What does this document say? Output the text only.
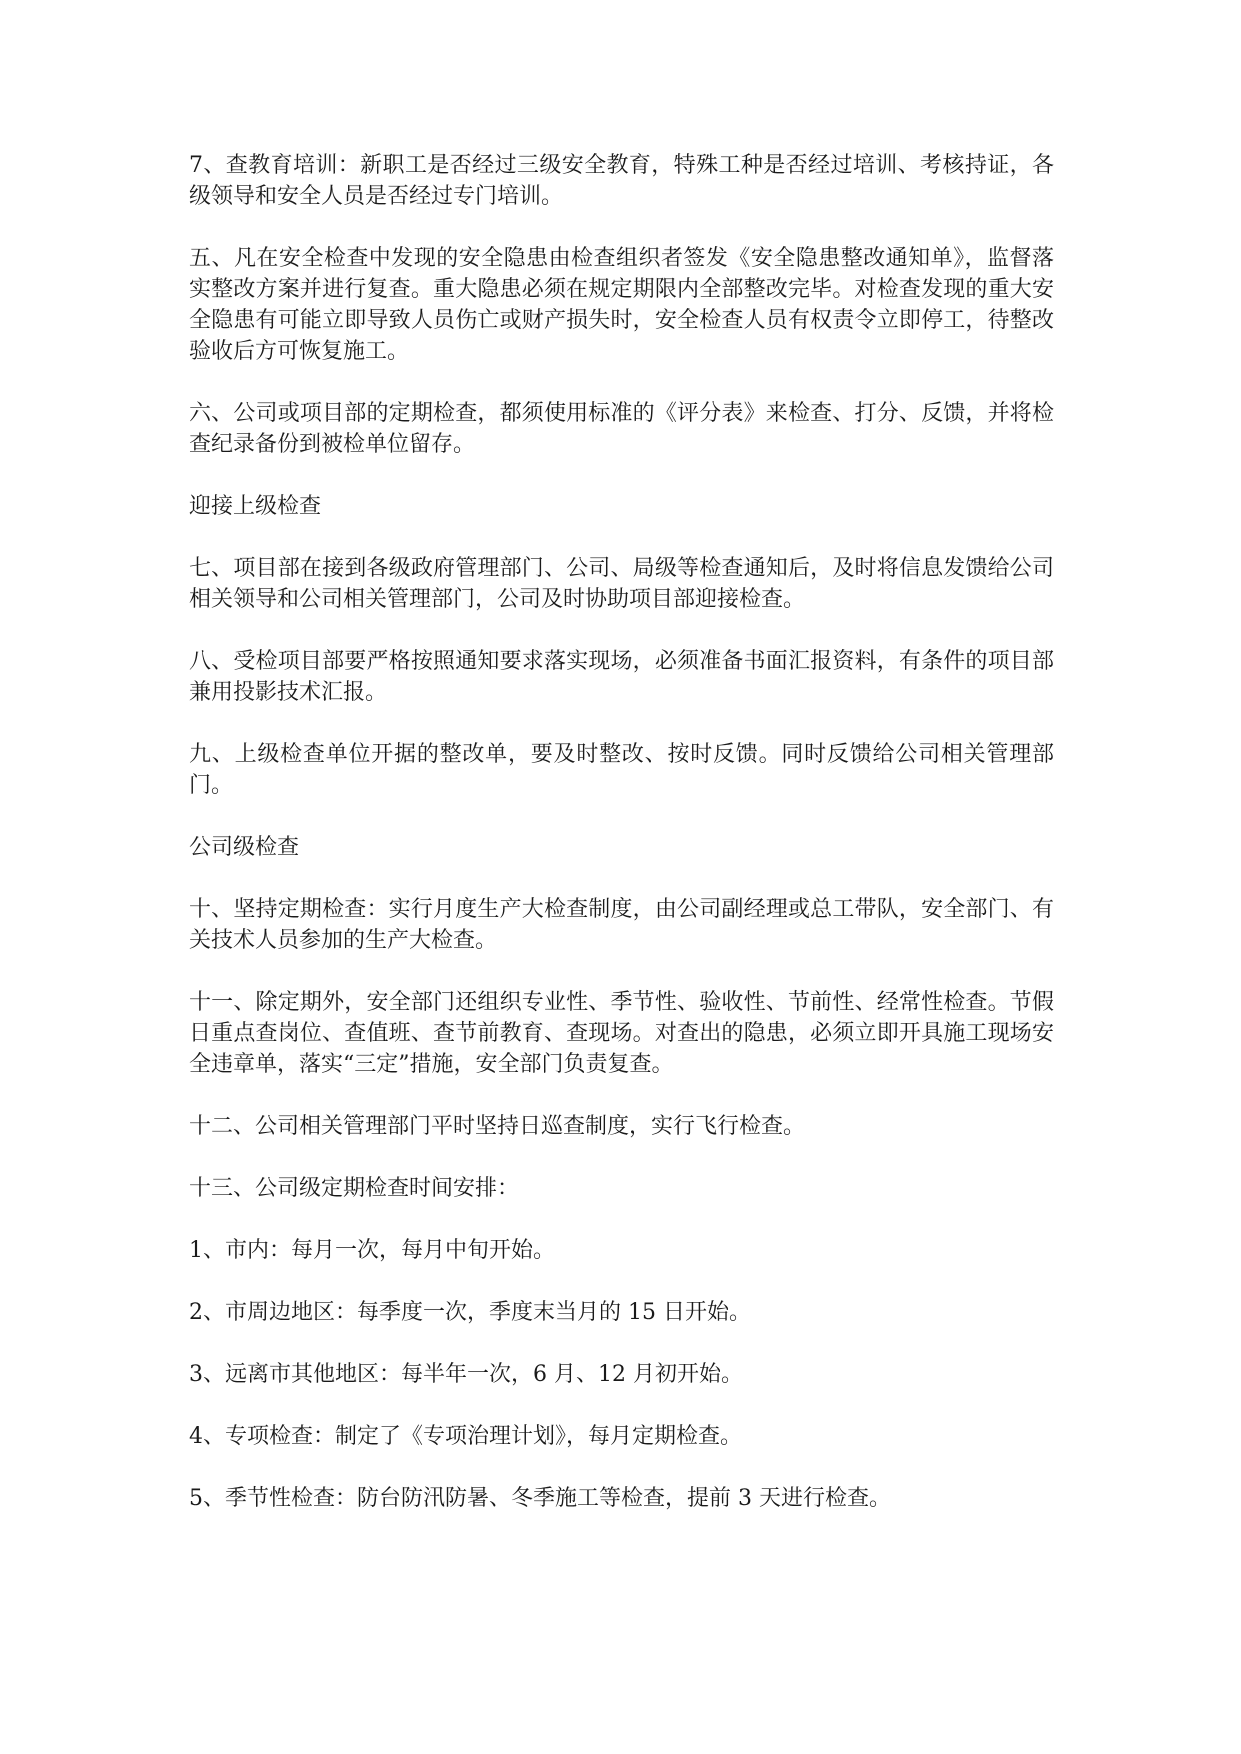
7、查教育培训：新职工是否经过三级安全教育，特殊工种是否经过培训、考核持证，各级领导和安全人员是否经过专门培训。

五、凡在安全检查中发现的安全隐患由检查组织者签发《安全隐患整改通知单》，监督落实整改方案并进行复查。重大隐患必须在规定期限内全部整改完毕。对检查发现的重大安全隐患有可能立即导致人员伤亡或财产损失时，安全检查人员有权责令立即停工，待整改验收后方可恢复施工。

六、公司或项目部的定期检查，都须使用标准的《评分表》来检查、打分、反馈，并将检查纪录备份到被检单位留存。

迎接上级检查

七、项目部在接到各级政府管理部门、公司、局级等检查通知后，及时将信息发馈给公司相关领导和公司相关管理部门，公司及时协助项目部迎接检查。

八、受检项目部要严格按照通知要求落实现场，必须准备书面汇报资料，有条件的项目部兼用投影技术汇报。

九、上级检查单位开据的整改单，要及时整改、按时反馈。同时反馈给公司相关管理部门。

公司级检查

十、坚持定期检查：实行月度生产大检查制度，由公司副经理或总工带队，安全部门、有关技术人员参加的生产大检查。

十一、除定期外，安全部门还组织专业性、季节性、验收性、节前性、经常性检查。节假日重点查岗位、查值班、查节前教育、查现场。对查出的隐患，必须立即开具施工现场安全违章单，落实“三定”措施，安全部门负责复查。

十二、公司相关管理部门平时坚持日巡查制度，实行飞行检查。

十三、公司级定期检查时间安排：

1、市内：每月一次，每月中旬开始。

2、市周边地区：每季度一次，季度末当月的 15 日开始。

3、远离市其他地区：每半年一次，6 月、12 月初开始。

4、专项检查：制定了《专项治理计划》，每月定期检查。

5、季节性检查：防台防汛防暑、冬季施工等检查，提前 3 天进行检查。
